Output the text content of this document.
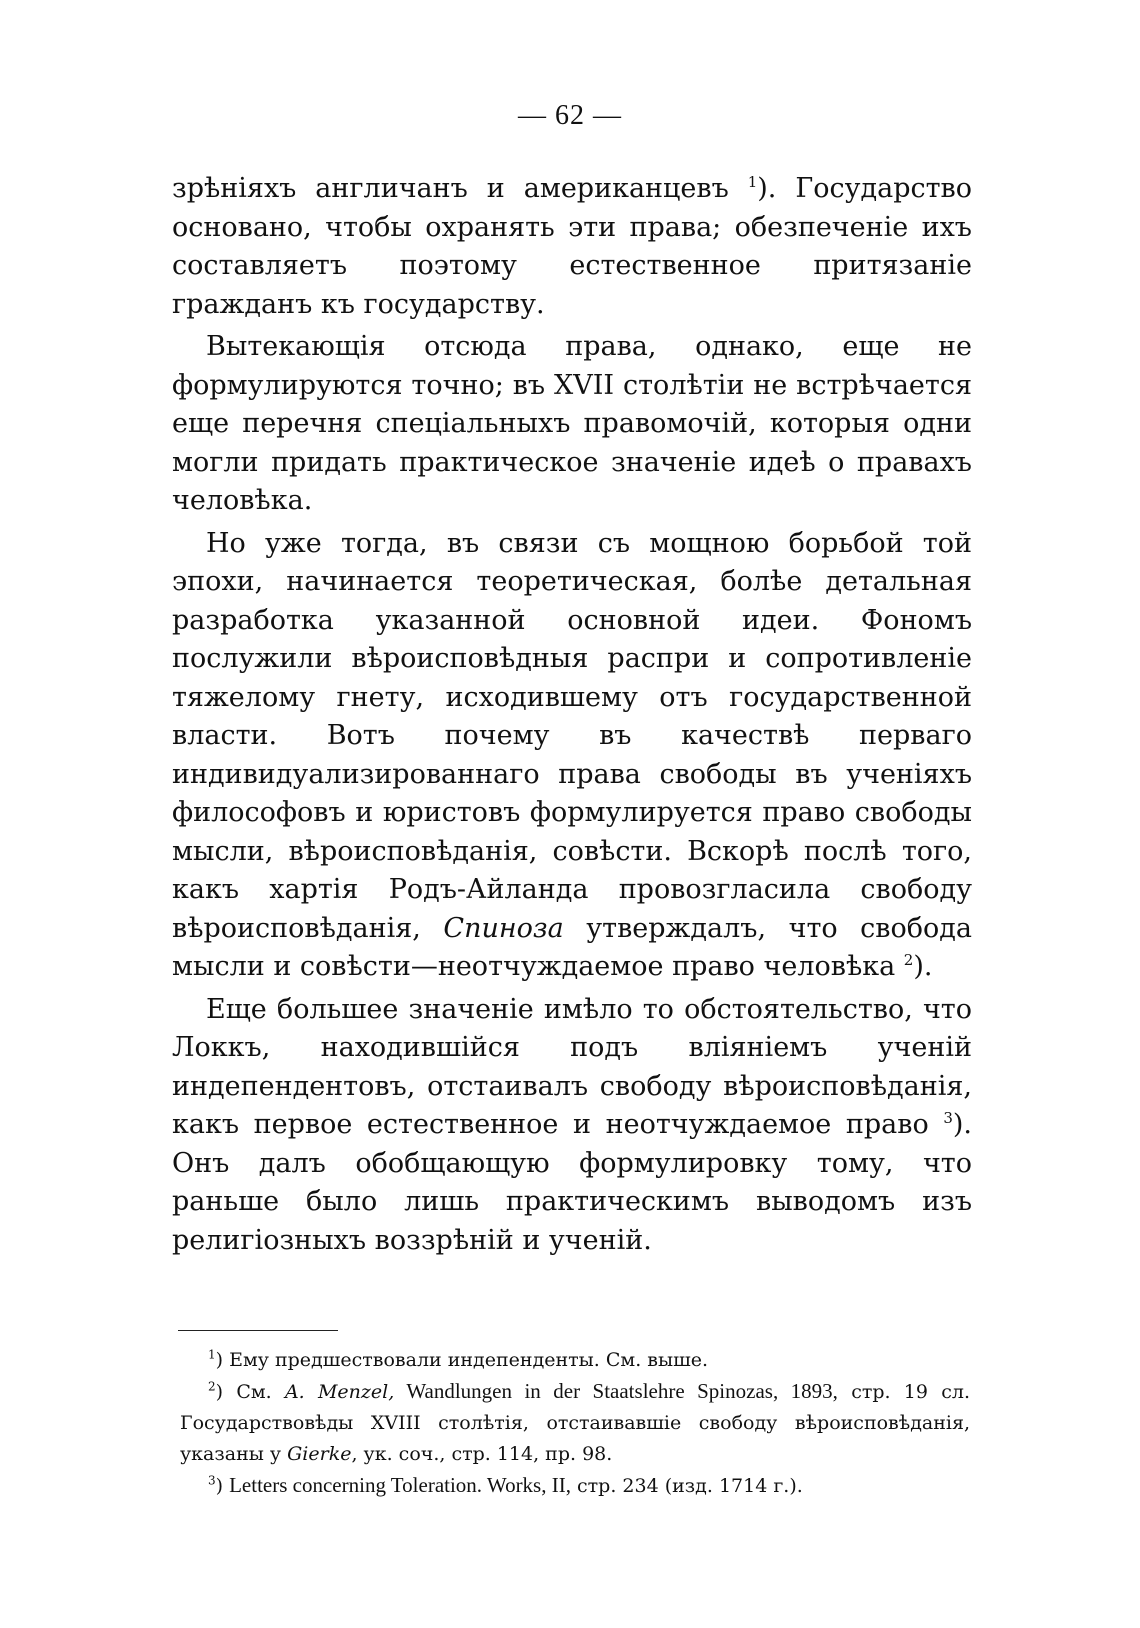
— 62 —

зрѣніяхъ англичанъ и американцевъ $^1$). Государство основано, чтобы охранять эти права; обезпеченіе ихъ составляетъ поэтому естественное притязаніе гражданъ къ государству.

Вытекающія отсюда права, однако, еще не формулируются точно; въ XVII столѣтіи не встрѣчается еще перечня спеціальныхъ правомочій, которыя одни могли придать практическое значеніе идеѣ о правахъ человѣка.

Но уже тогда, въ связи съ мощною борьбой той эпохи, начинается теоретическая, болѣе детальная разработка указанной основной идеи. Фономъ послужили вѣроисповѣдныя распри и сопротивленіе тяжелому гнету, исходившему отъ государственной власти. Вотъ почему въ качествѣ перваго индивидуализированнаго права свободы въ ученіяхъ философовъ и юристовъ формулируется право свободы мысли, вѣроисповѣданія, совѣсти. Вскорѣ послѣ того, какъ хартія Родъ-Айланда провозгласила свободу вѣроисповѣданія, Спиноза утверждалъ, что свобода мысли и совѣсти—неотчуждаемое право человѣка $^2$).

Еще большее значеніе имѣло то обстоятельство, что Локкъ, находившійся подъ вліяніемъ ученій индепендентовъ, отстаивалъ свободу вѣроисповѣданія, какъ первое естественное и неотчуждаемое право $^3$). Онъ далъ обобщающую формулировку тому, что раньше было лишь практическимъ выводомъ изъ религіозныхъ воззрѣній и ученій.

$^1$) Ему предшествовали индепенденты. См. выше.

$^2$) См. A. Menzel, Wandlungen in der Staatslehre Spinozas, 1893, стр. 19 сл. Государствовѣды XVIII столѣтія, отстаивавшіе свободу вѣроисповѣданія, указаны у Gierke, ук. соч., стр. 114, пр. 98.

$^3$) Letters concerning Toleration. Works, II, стр. 234 (изд. 1714 г.).
